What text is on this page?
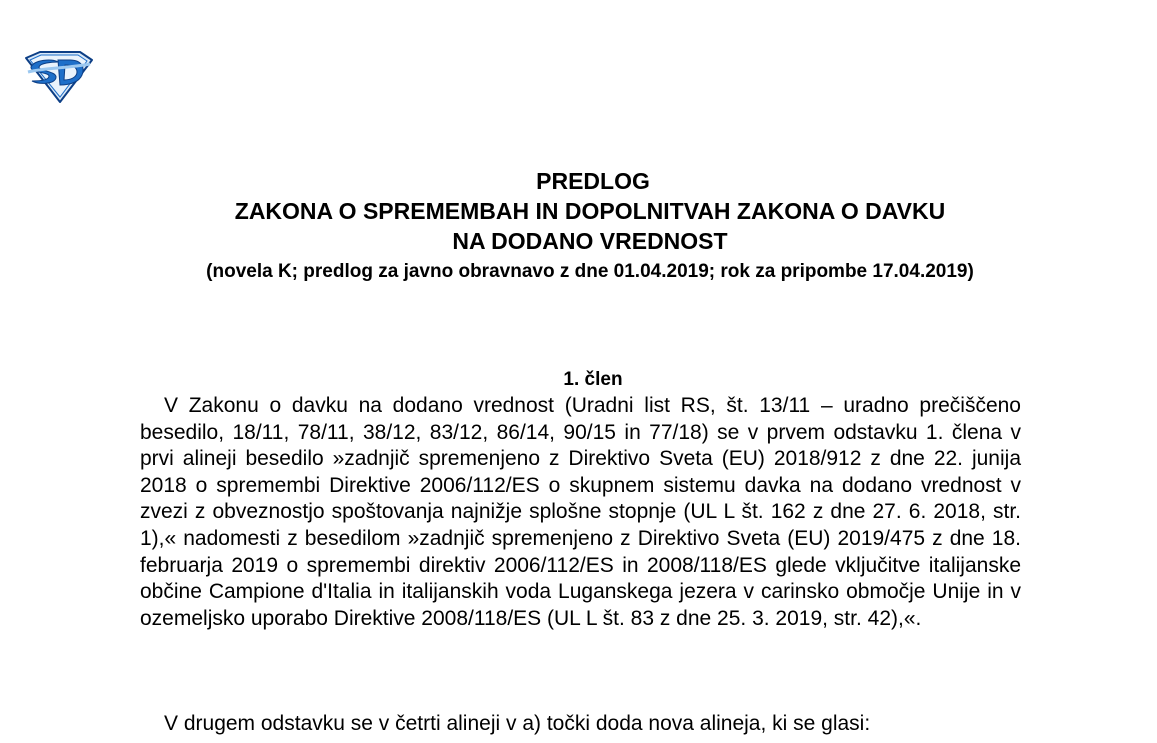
PREDLOG
ZAKONA O SPREMEMBAH IN DOPOLNITVAH ZAKONA O DAVKU
NA DODANO VREDNOST
(novela K; predlog za javno obravnavo z dne 01.04.2019; rok za pripombe 17.04.2019)
1. člen
V Zakonu o davku na dodano vrednost (Uradni list RS, št. 13/11 – uradno prečiščeno besedilo, 18/11, 78/11, 38/12, 83/12, 86/14, 90/15 in 77/18) se v prvem odstavku 1. člena v prvi alineji besedilo »zadnjič spremenjeno z Direktivo Sveta (EU) 2018/912 z dne 22. junija 2018 o spremembi Direktive 2006/112/ES o skupnem sistemu davka na dodano vrednost v zvezi z obveznostjo spoštovanja najnižje splošne stopnje (UL L št. 162 z dne 27. 6. 2018, str. 1),« nadomesti z besedilom »zadnjič spremenjeno z Direktivo Sveta (EU) 2019/475 z dne 18. februarja 2019 o spremembi direktiv 2006/112/ES in 2008/118/ES glede vključitve italijanske občine Campione d'Italia in italijanskih voda Luganskega jezera v carinsko območje Unije in v ozemeljsko uporabo Direktive 2008/118/ES (UL L št. 83 z dne 25. 3. 2019, str. 42),«.
V drugem odstavku se v četrti alineji v a) točki doda nova alineja, ki se glasi:
